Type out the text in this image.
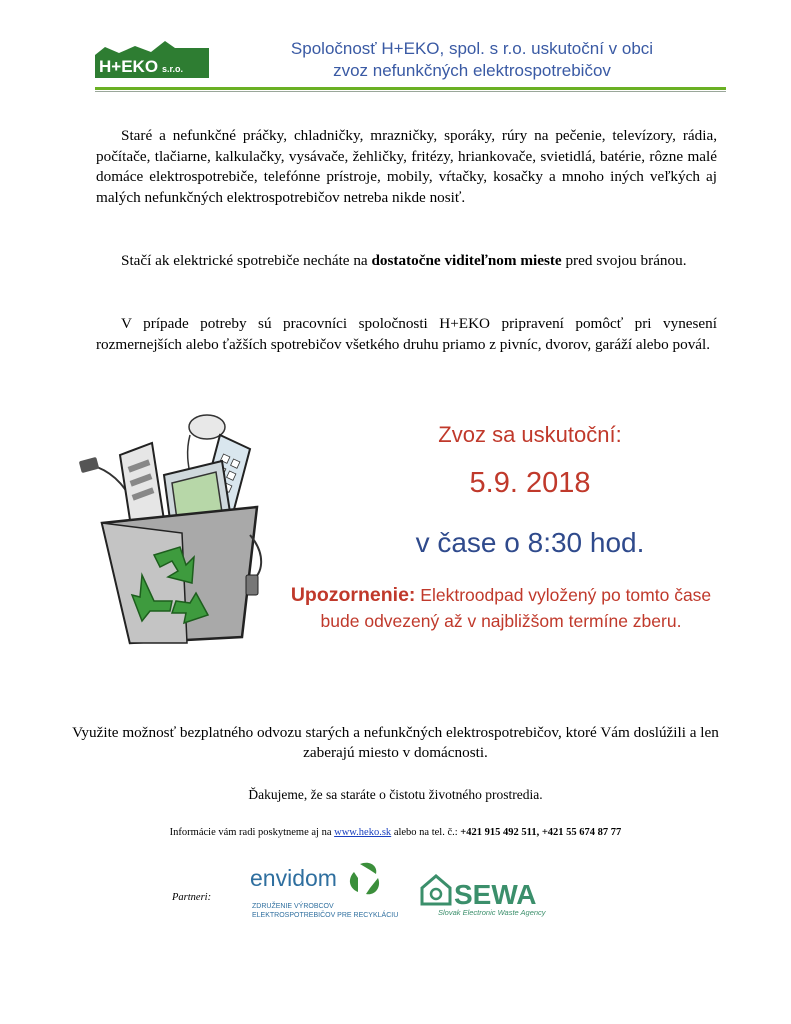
H+EKO s.r.o.
Spoločnosť H+EKO, spol. s r.o. uskutoční v obci
zvoz nefunkčných elektrospotrebičov
Staré a nefunkčné práčky, chladničky, mrazničky, sporáky, rúry na pečenie, televízory, rádia, počítače, tlačiarne, kalkulačky, vysávače, žehličky, fritézy, hriankovače, svietidlá, batérie, rôzne malé domáce elektrospotrebiče, telefónne prístroje, mobily, vŕtačky, kosačky a mnoho iných veľkých aj malých nefunkčných elektrospotrebičov netreba nikde nosiť.
Stačí ak elektrické spotrebiče necháte na dostatočne viditeľnom mieste pred svojou bránou.
V prípade potreby sú pracovníci spoločnosti H+EKO pripravení pomôcť pri vynesení rozmernejších alebo ťažších spotrebičov všetkého druhu priamo z pivníc, dvorov, garáží alebo povál.
Zvoz sa uskutoční:
5.9. 2018
v čase o 8:30 hod.
Upozornenie: Elektroodpad vyložený po tomto čase bude odvezený až v najbližšom termíne zberu.
Využite možnosť bezplatného odvozu starých a nefunkčných elektrospotrebičov, ktoré Vám doslúžili a len zaberajú miesto v domácnosti.
Ďakujeme, že sa staráte o čistotu životného prostredia.
Informácie vám radi poskytneme aj na www.heko.sk alebo na tel. č.: +421 915 492 511, +421 55 674 87 77
Partneri:
envidom
ZDRUŽENIE VÝROBCOV
ELEKTROSPOTREBIČOV PRE RECYKLÁCIU
SEWA
Slovak Electronic Waste Agency
